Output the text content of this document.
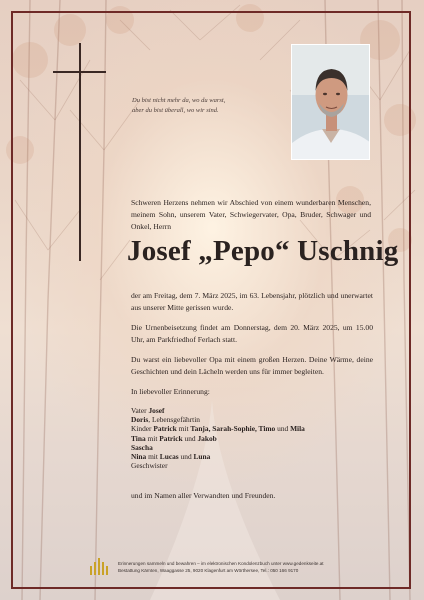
Du bist nicht mehr da, wo du warst,
aber du bist überall, wo wir sind.
Schweren Herzens nehmen wir Abschied von einem wunderbaren Menschen, meinem Sohn, unserem Vater, Schwiegervater, Opa, Bruder, Schwager und Onkel, Herrn
Josef „Pepo“ Uschnig
der am Freitag, dem 7. März 2025, im 63. Lebensjahr, plötzlich und unerwartet aus unserer Mitte gerissen wurde.
Die Urnenbeisetzung findet am Donnerstag, dem 20. März 2025, um 15.00 Uhr, am Parkfriedhof Ferlach statt.
Du warst ein liebevoller Opa mit einem großen Herzen. Deine Wärme, deine Geschichten und dein Lächeln werden uns für immer begleiten.
In liebevoller Erinnerung:
Vater Josef
Doris, Lebensgefährtin
Kinder Patrick mit Tanja, Sarah-Sophie, Timo und Mila
Tina mit Patrick und Jakob
Sascha
Nina mit Lucas und Luna
Geschwister
und im Namen aller Verwandten und Freunden.
Erinnerungen sammeln und bewahren – im elektronischen Kondolenzbuch unter www.gedenkseite.at
Bestattung Kärnten, Waaggasse 25, 9020 Klagenfurt am Wörthersee, Tel.: 050 166 9170
